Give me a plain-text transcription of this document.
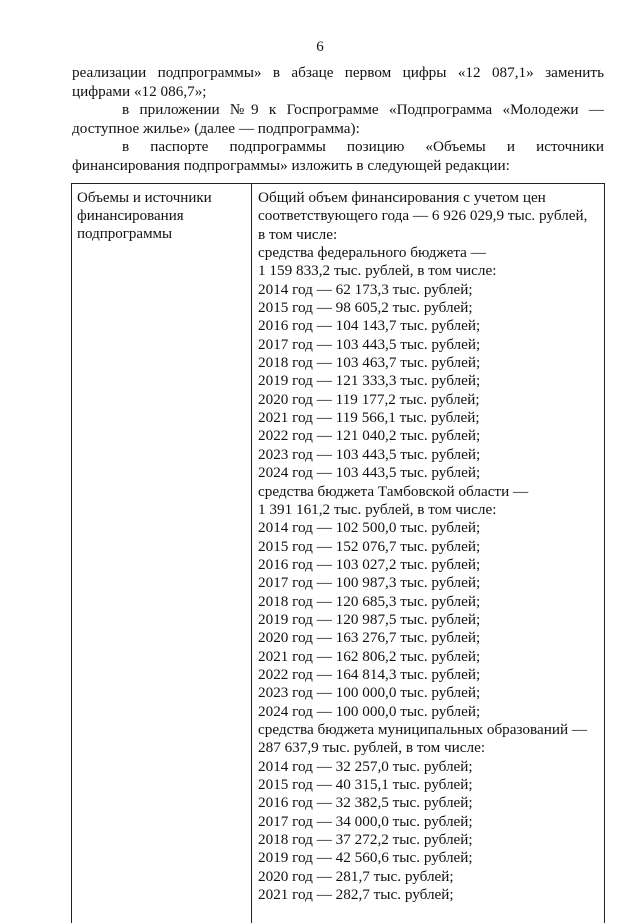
6

реализации подпрограммы» в абзаце первом цифры «12 087,1» заменить

цифрами «12 086,7»;

в приложении №9 к Госпрограмме «Подпрограмма «Молодежи —

доступное жилье» (далее — подпрограмма):

в паспорте подпрограммы позицию «Объемы и источники

финансирования подпрограммы» изложить в следующей редакции:

Объемы и источники
финансирования
подпрограммы
Общий объем финансирования с учетом цен
соответствующего года — 6 926 029,9 тыс. рублей,
в том числе:
средства федерального бюджета —
1 159 833,2 тыс. рублей, в том числе:
2014 год — 62 173,3 тыс. рублей;
2015 год — 98 605,2 тыс. рублей;
2016 год — 104 143,7 тыс. рублей;
2017 год — 103 443,5 тыс. рублей;
2018 год — 103 463,7 тыс. рублей;
2019 год — 121 333,3 тыс. рублей;
2020 год — 119 177,2 тыс. рублей;
2021 год — 119 566,1 тыс. рублей;
2022 год — 121 040,2 тыс. рублей;
2023 год — 103 443,5 тыс. рублей;
2024 год — 103 443,5 тыс. рублей;
средства бюджета Тамбовской области —
1 391 161,2 тыс. рублей, в том числе:
2014 год — 102 500,0 тыс. рублей;
2015 год — 152 076,7 тыс. рублей;
2016 год — 103 027,2 тыс. рублей;
2017 год — 100 987,3 тыс. рублей;
2018 год — 120 685,3 тыс. рублей;
2019 год — 120 987,5 тыс. рублей;
2020 год — 163 276,7 тыс. рублей;
2021 год — 162 806,2 тыс. рублей;
2022 год — 164 814,3 тыс. рублей;
2023 год — 100 000,0 тыс. рублей;
2024 год — 100 000,0 тыс. рублей;
средства бюджета муниципальных образований —
287 637,9 тыс. рублей, в том числе:
2014 год — 32 257,0 тыс. рублей;
2015 год — 40 315,1 тыс. рублей;
2016 год — 32 382,5 тыс. рублей;
2017 год — 34 000,0 тыс. рублей;
2018 год — 37 272,2 тыс. рублей;
2019 год — 42 560,6 тыс. рублей;
2020 год — 281,7 тыс. рублей;
2021 год — 282,7 тыс. рублей;
